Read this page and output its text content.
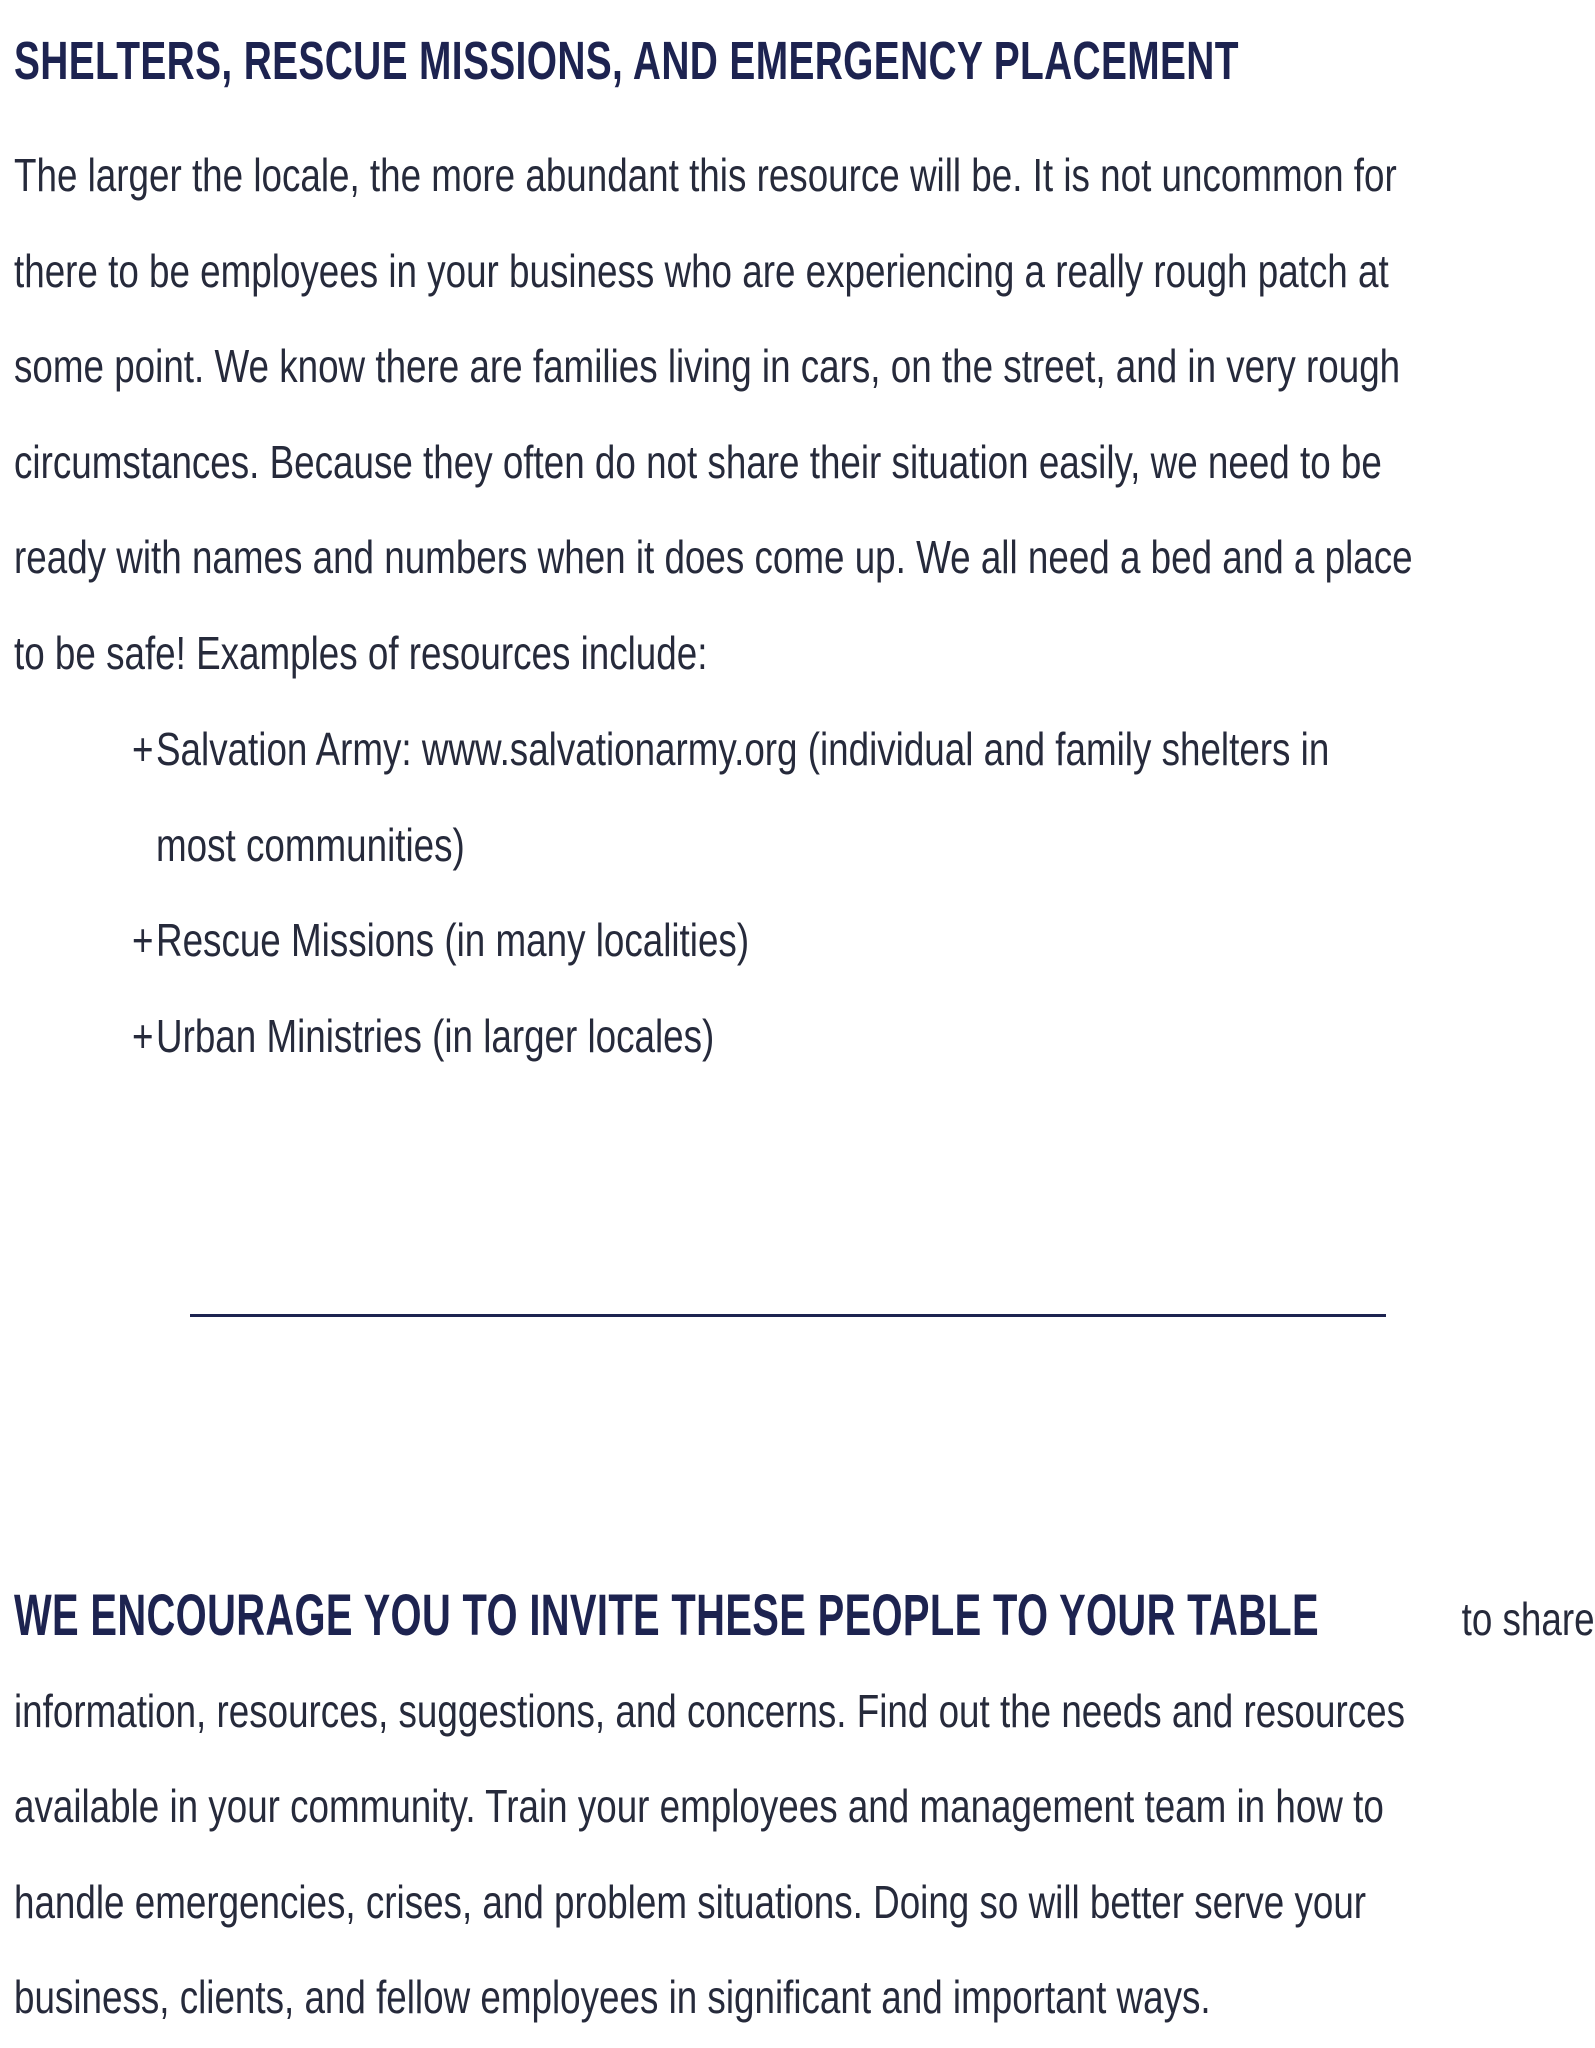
SHELTERS, RESCUE MISSIONS, AND EMERGENCY PLACEMENT
The larger the locale, the more abundant this resource will be. It is not uncommon for
there to be employees in your business who are experiencing a really rough patch at
some point. We know there are families living in cars, on the street, and in very rough
circumstances. Because they often do not share their situation easily, we need to be
ready with names and numbers when it does come up. We all need a bed and a place
to be safe! Examples of resources include:
+Salvation Army: www.salvationarmy.org (individual and family shelters in
most communities)
+Rescue Missions (in many localities)
+Urban Ministries (in larger locales)
WE ENCOURAGE YOU TO INVITE THESE PEOPLE TO YOUR TABLE	to share
information, resources, suggestions, and concerns. Find out the needs and resources
available in your community. Train your employees and management team in how to
handle emergencies, crises, and problem situations. Doing so will better serve your
business, clients, and fellow employees in significant and important ways.
